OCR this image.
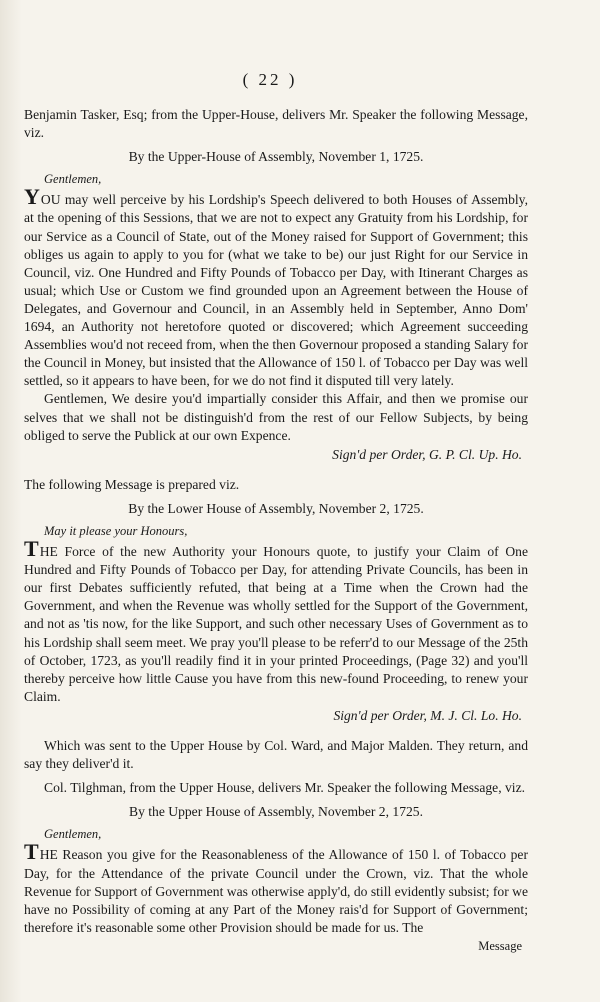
( 22 )

Benjamin Tasker, Esq; from the Upper-House, delivers Mr. Speaker the following Message, viz.

By the Upper-House of Assembly, November 1, 1725.

Gentlemen,

YOU may well perceive by his Lordship's Speech delivered to both Houses of Assembly, at the opening of this Sessions, that we are not to expect any Gratuity from his Lordship, for our Service as a Council of State, out of the Money raised for Support of Government; this obliges us again to apply to you for (what we take to be) our just Right for our Service in Council, viz. One Hundred and Fifty Pounds of Tobacco per Day, with Itinerant Charges as usual; which Use or Custom we find grounded upon an Agreement between the House of Delegates, and Governour and Council, in an Assembly held in September, Anno Dom' 1694, an Authority not heretofore quoted or discovered; which Agreement succeeding Assemblies wou'd not receed from, when the then Governour proposed a standing Salary for the Council in Money, but insisted that the Allowance of 150 l. of Tobacco per Day was well settled, so it appears to have been, for we do not find it disputed till very lately.

Gentlemen, We desire you'd impartially consider this Affair, and then we promise our selves that we shall not be distinguish'd from the rest of our Fellow Subjects, by being obliged to serve the Publick at our own Expence.

Sign'd per Order, G. P. Cl. Up. Ho.

The following Message is prepared viz.

By the Lower House of Assembly, November 2, 1725.

May it please your Honours,

THE Force of the new Authority your Honours quote, to justify your Claim of One Hundred and Fifty Pounds of Tobacco per Day, for attending Private Councils, has been in our first Debates sufficiently refuted, that being at a Time when the Crown had the Government, and when the Revenue was wholly settled for the Support of the Government, and not as 'tis now, for the like Support, and such other necessary Uses of Government as to his Lordship shall seem meet. We pray you'll please to be referr'd to our Message of the 25th of October, 1723, as you'll readily find it in your printed Proceedings, (Page 32) and you'll thereby perceive how little Cause you have from this new-found Proceeding, to renew your Claim.

Sign'd per Order, M. J. Cl. Lo. Ho.

Which was sent to the Upper House by Col. Ward, and Major Malden. They return, and say they deliver'd it.

Col. Tilghman, from the Upper House, delivers Mr. Speaker the following Message, viz.

By the Upper House of Assembly, November 2, 1725.

Gentlemen,

THE Reason you give for the Reasonableness of the Allowance of 150 l. of Tobacco per Day, for the Attendance of the private Council under the Crown, viz. That the whole Revenue for Support of Government was otherwise apply'd, do still evidently subsist; for we have no Possibility of coming at any Part of the Money rais'd for Support of Government; therefore it's reasonable some other Provision should be made for us. The

Message
